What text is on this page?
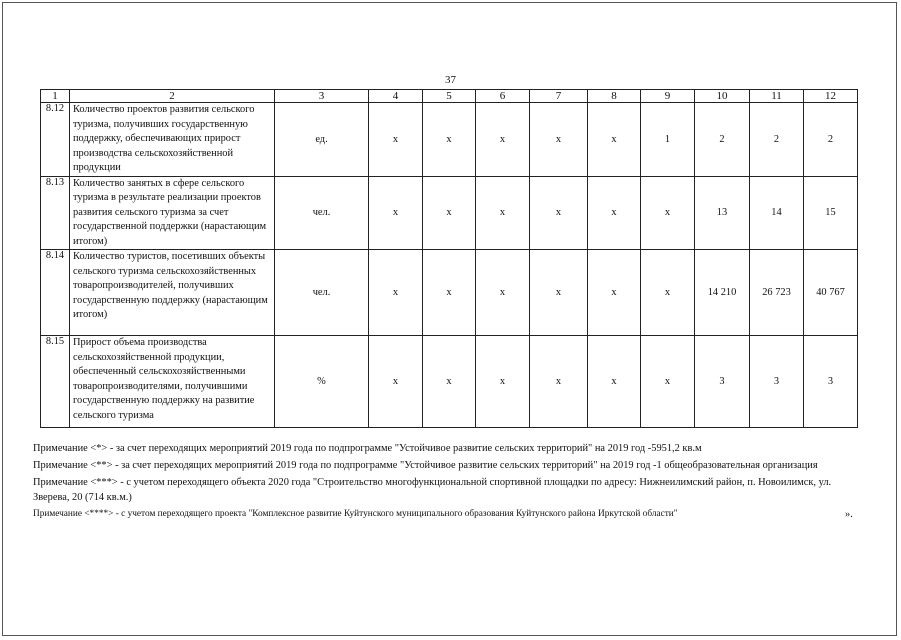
37
1	2	3	4	5	6	7	8	9	10	11	12
8.12	Количество проектов развития сельского туризма, получивших государственную поддержку, обеспечивающих прирост производства сельскохозяйственной продукции	ед.	x	x	x	x	x	1	2	2	2
8.13	Количество занятых в сфере сельского туризма в результате реализации проектов развития сельского туризма за счет государственной поддержки (нарастающим итогом)	чел.	x	x	x	x	x	x	13	14	15
8.14	Количество туристов, посетивших объекты сельского туризма сельскохозяйственных товаропроизводителей, получивших государственную поддержку (нарастающим итогом)	чел.	x	x	x	x	x	x	14 210	26 723	40 767
8.15	Прирост объема производства сельскохозяйственной продукции, обеспеченный сельскохозяйственными товаропроизводителями, получившими государственную поддержку на развитие сельского туризма	%	x	x	x	x	x	x	3	3	3
Примечание <*> - за счет переходящих мероприятий 2019 года по подпрограмме "Устойчивое развитие сельских территорий" на 2019 год -5951,2 кв.м
Примечание <**> - за счет переходящих мероприятий 2019 года по подпрограмме "Устойчивое развитие сельских территорий" на 2019 год -1 общеобразовательная организация
Примечание <***> - с учетом переходящего объекта 2020 года "Строительство многофункциональной спортивной площадки по адресу: Нижнеилимский район, п. Новоилимск, ул. Зверева, 20 (714 кв.м.)
Примечание <****> - с учетом переходящего проекта "Комплексное развитие Куйтунского муниципального образования Куйтунского района Иркутской области"	».
